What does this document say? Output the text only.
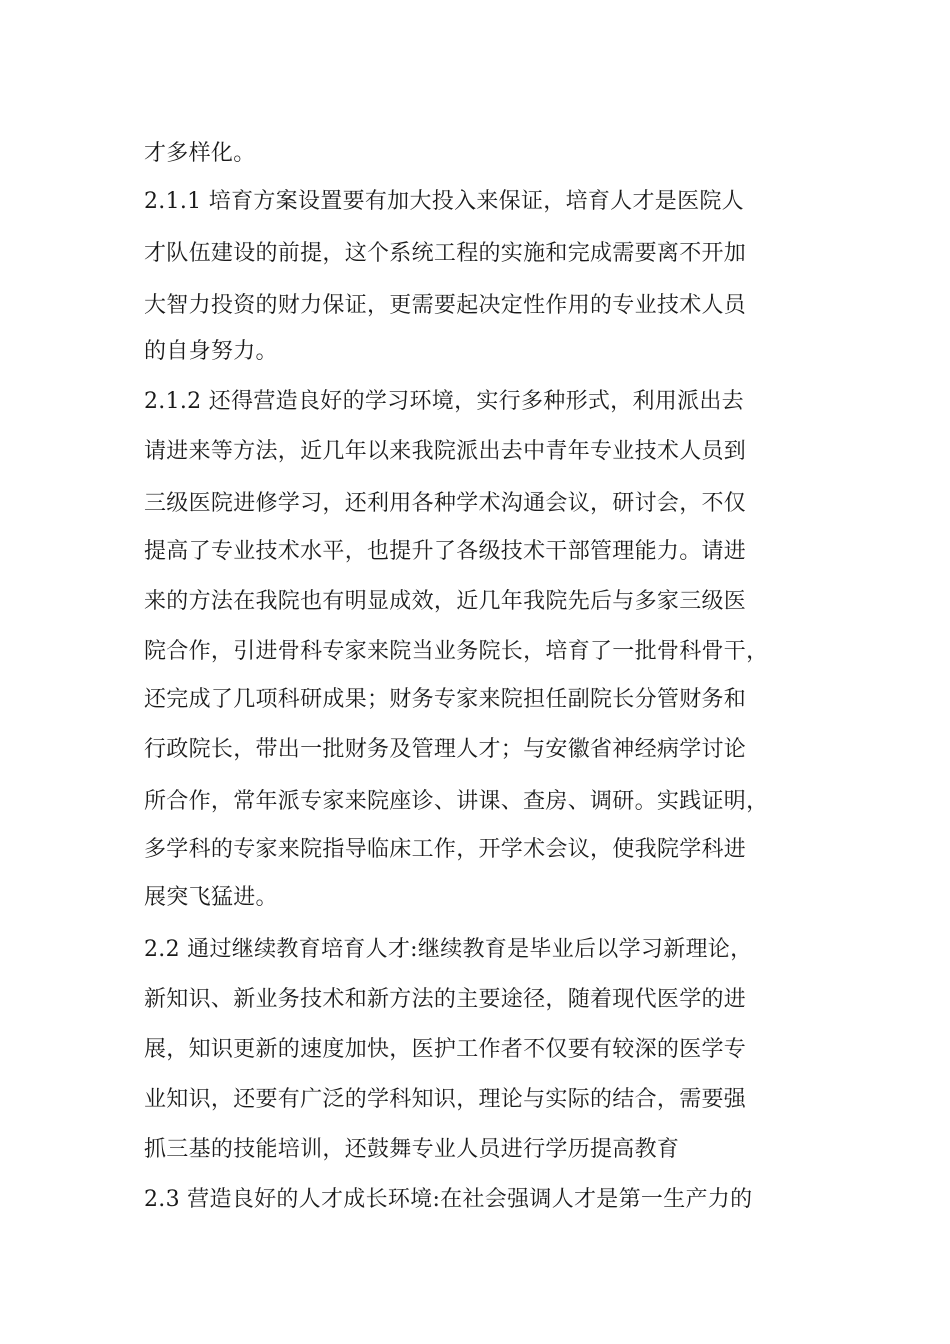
才多样化。
2.1.1 培育方案设置要有加大投入来保证，培育人才是医院人
才队伍建设的前提，这个系统工程的实施和完成需要离不开加
大智力投资的财力保证，更需要起决定性作用的专业技术人员
的自身努力。
2.1.2 还得营造良好的学习环境，实行多种形式，利用派出去
请进来等方法，近几年以来我院派出去中青年专业技术人员到
三级医院进修学习，还利用各种学术沟通会议，研讨会，不仅
提高了专业技术水平，也提升了各级技术干部管理能力。请进
来的方法在我院也有明显成效，近几年我院先后与多家三级医
院合作，引进骨科专家来院当业务院长，培育了一批骨科骨干，
还完成了几项科研成果；财务专家来院担任副院长分管财务和
行政院长，带出一批财务及管理人才；与安徽省神经病学讨论
所合作，常年派专家来院座诊、讲课、查房、调研。实践证明，
多学科的专家来院指导临床工作，开学术会议，使我院学科进
展突飞猛进。
2.2 通过继续教育培育人才:继续教育是毕业后以学习新理论，
新知识、新业务技术和新方法的主要途径，随着现代医学的进
展，知识更新的速度加快，医护工作者不仅要有较深的医学专
业知识，还要有广泛的学科知识，理论与实际的结合，需要强
抓三基的技能培训，还鼓舞专业人员进行学历提高教育
2.3 营造良好的人才成长环境:在社会强调人才是第一生产力的
